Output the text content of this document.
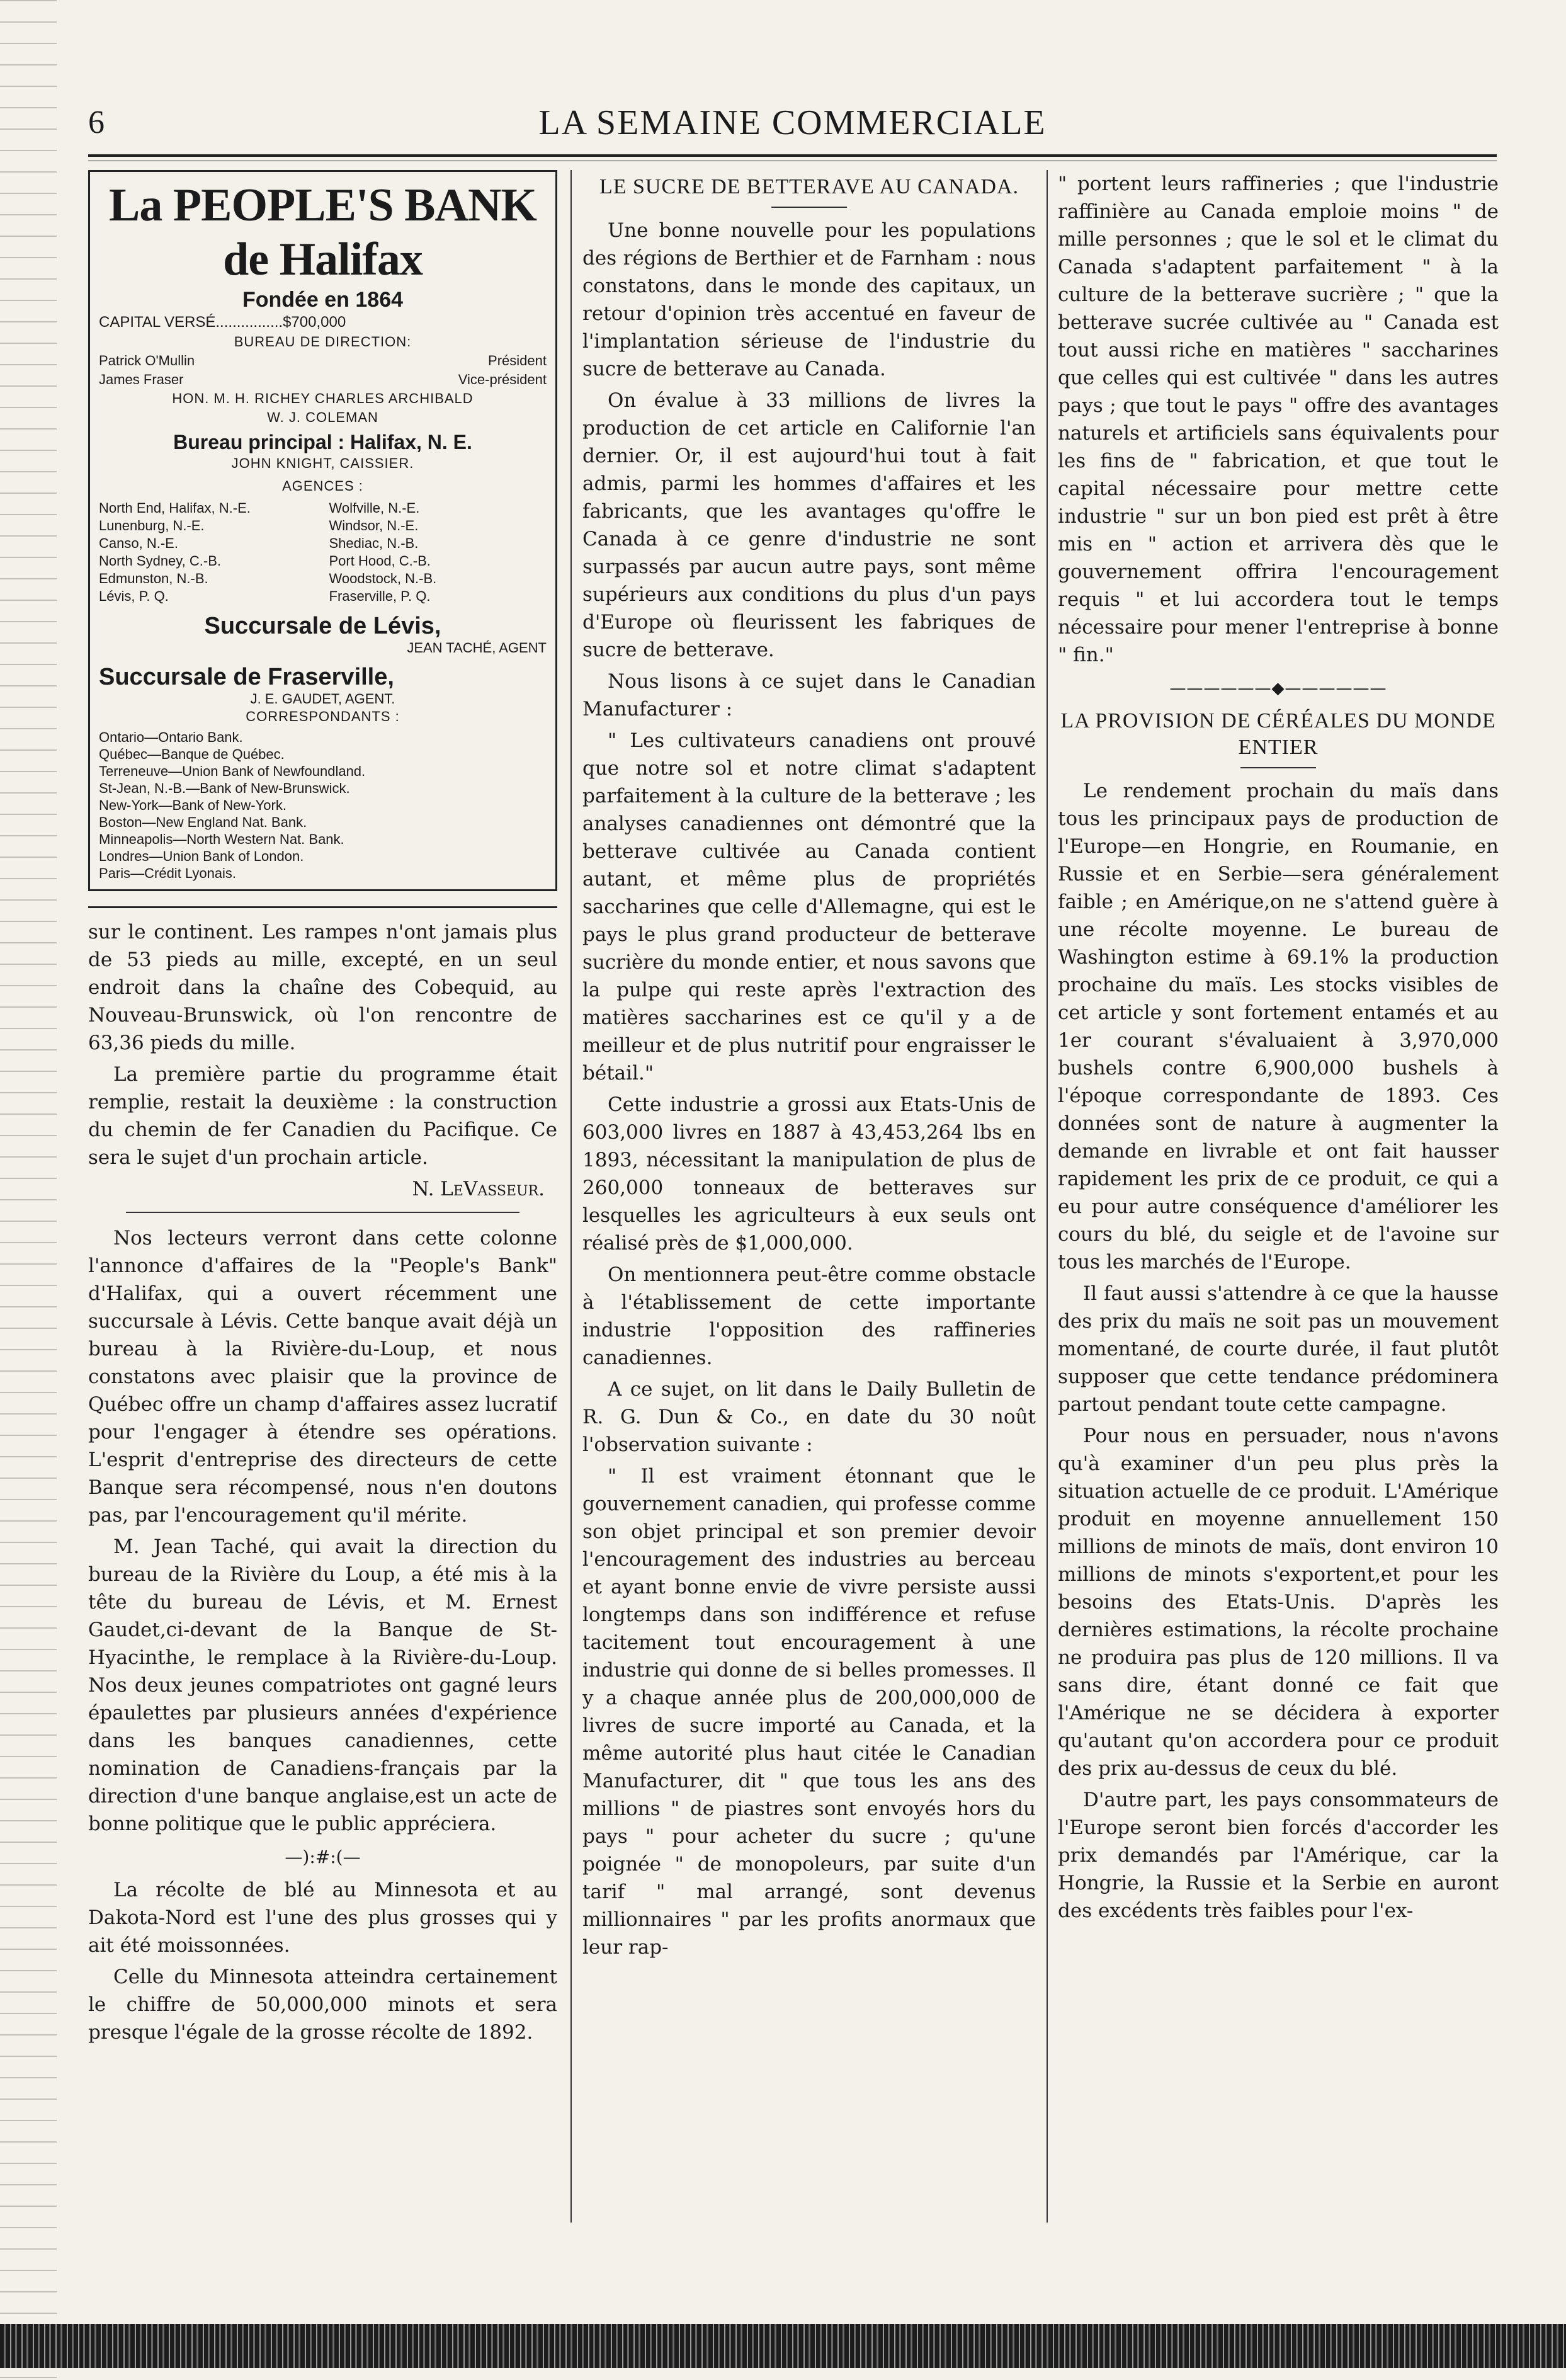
6	LA SEMAINE COMMERCIALE
La PEOPLE'S BANK de Halifax
Fondée en 1864
CAPITAL VERSÉ................$700,000
BUREAU DE DIRECTION:
Patrick O'Mullin	Président
James Fraser	Vice-président
HON. M. H. RICHEY CHARLES ARCHIBALD
W. J. COLEMAN
Bureau principal : Halifax, N. E.
JOHN KNIGHT, CAISSIER.
AGENCES :
North End, Halifax, N.-E.	Wolfville, N.-E.
Lunenburg, N.-E.	Windsor, N.-E.
Canso, N.-E.	Shediac, N.-B.
North Sydney, C.-B.	Port Hood, C.-B.
Edmunston, N.-B.	Woodstock, N.-B.
Lévis, P. Q.	Fraserville, P. Q.
Succursale de Lévis,
JEAN TACHÉ, AGENT
Succursale de Fraserville,
J. E. GAUDET, AGENT.
CORRESPONDANTS :
Ontario—Ontario Bank.
Québec—Banque de Québec.
Terreneuve—Union Bank of Newfoundland.
St-Jean, N.-B.—Bank of New-Brunswick.
New-York—Bank of New-York.
Boston—New England Nat. Bank.
Minneapolis—North Western Nat. Bank.
Londres—Union Bank of London.
Paris—Crédit Lyonais.

sur le continent. Les rampes n'ont jamais plus de 53 pieds au mille, excepté, en un seul endroit dans la chaîne des Cobequid, au Nouveau-Brunswick, où l'on rencontre de 63,36 pieds du mille.

La première partie du programme était remplie, restait la deuxième : la construction du chemin de fer Canadien du Pacifique. Ce sera le sujet d'un prochain article.

N. LeVasseur.

Nos lecteurs verront dans cette colonne l'annonce d'affaires de la "People's Bank" d'Halifax, qui a ouvert récemment une succursale à Lévis. Cette banque avait déjà un bureau à la Rivière-du-Loup, et nous constatons avec plaisir que la province de Québec offre un champ d'affaires assez lucratif pour l'engager à étendre ses opérations. L'esprit d'entreprise des directeurs de cette Banque sera récompensé, nous n'en doutons pas, par l'encouragement qu'il mérite.

M. Jean Taché, qui avait la direction du bureau de la Rivière du Loup, a été mis à la tête du bureau de Lévis, et M. Ernest Gaudet,ci-devant de la Banque de St-Hyacinthe, le remplace à la Rivière-du-Loup. Nos deux jeunes compatriotes ont gagné leurs épaulettes par plusieurs années d'expérience dans les banques canadiennes, cette nomination de Canadiens-français par la direction d'une banque anglaise,est un acte de bonne politique que le public appréciera.

—):#:(—

La récolte de blé au Minnesota et au Dakota-Nord est l'une des plus grosses qui y ait été moissonnées.

Celle du Minnesota atteindra certainement le chiffre de 50,000,000 minots et sera presque l'égale de la grosse récolte de 1892.

LE SUCRE DE BETTERAVE AU CANADA.

Une bonne nouvelle pour les populations des régions de Berthier et de Farnham : nous constatons, dans le monde des capitaux, un retour d'opinion très accentué en faveur de l'implantation sérieuse de l'industrie du sucre de betterave au Canada.

On évalue à 33 millions de livres la production de cet article en Californie l'an dernier. Or, il est aujourd'hui tout à fait admis, parmi les hommes d'affaires et les fabricants, que les avantages qu'offre le Canada à ce genre d'industrie ne sont surpassés par aucun autre pays, sont même supérieurs aux conditions du plus d'un pays d'Europe où fleurissent les fabriques de sucre de betterave.

Nous lisons à ce sujet dans le Canadian Manufacturer :

" Les cultivateurs canadiens ont prouvé que notre sol et notre climat s'adaptent parfaitement à la culture de la betterave ; les analyses canadiennes ont démontré que la betterave cultivée au Canada contient autant, et même plus de propriétés saccharines que celle d'Allemagne, qui est le pays le plus grand producteur de betterave sucrière du monde entier, et nous savons que la pulpe qui reste après l'extraction des matières saccharines est ce qu'il y a de meilleur et de plus nutritif pour engraisser le bétail."

Cette industrie a grossi aux Etats-Unis de 603,000 livres en 1887 à 43,453,264 lbs en 1893, nécessitant la manipulation de plus de 260,000 tonneaux de betteraves sur lesquelles les agriculteurs à eux seuls ont réalisé près de $1,000,000.

On mentionnera peut-être comme obstacle à l'établissement de cette importante industrie l'opposition des raffineries canadiennes.

A ce sujet, on lit dans le Daily Bulletin de R. G. Dun & Co., en date du 30 noût l'observation suivante :

" Il est vraiment étonnant que le gouvernement canadien, qui professe comme son objet principal et son premier devoir l'encouragement des industries au berceau et ayant bonne envie de vivre persiste aussi longtemps dans son indifférence et refuse tacitement tout encouragement à une industrie qui donne de si belles promesses. Il y a chaque année plus de 200,000,000 de livres de sucre importé au Canada, et la même autorité plus haut citée le Canadian Manufacturer, dit " que tous les ans des millions " de piastres sont envoyés hors du pays " pour acheter du sucre ; qu'une poignée " de monopoleurs, par suite d'un tarif " mal arrangé, sont devenus millionnaires " par les profits anormaux que leur rap-

" portent leurs raffineries ; que l'industrie raffinière au Canada emploie moins " de mille personnes ; que le sol et le climat du Canada s'adaptent parfaitement " à la culture de la betterave sucrière ; " que la betterave sucrée cultivée au " Canada est tout aussi riche en matières " saccharines que celles qui est cultivée " dans les autres pays ; que tout le pays " offre des avantages naturels et artificiels sans équivalents pour les fins de " fabrication, et que tout le capital nécessaire pour mettre cette industrie " sur un bon pied est prêt à être mis en " action et arrivera dès que le gouvernement offrira l'encouragement requis " et lui accordera tout le temps nécessaire pour mener l'entreprise à bonne " fin."

——————◆——————
LA PROVISION DE CÉRÉALES DU MONDE ENTIER

Le rendement prochain du maïs dans tous les principaux pays de production de l'Europe—en Hongrie, en Roumanie, en Russie et en Serbie—sera généralement faible ; en Amérique,on ne s'attend guère à une récolte moyenne. Le bureau de Washington estime à 69.1% la production prochaine du maïs. Les stocks visibles de cet article y sont fortement entamés et au 1er courant s'évaluaient à 3,970,000 bushels contre 6,900,000 bushels à l'époque correspondante de 1893. Ces données sont de nature à augmenter la demande en livrable et ont fait hausser rapidement les prix de ce produit, ce qui a eu pour autre conséquence d'améliorer les cours du blé, du seigle et de l'avoine sur tous les marchés de l'Europe.

Il faut aussi s'attendre à ce que la hausse des prix du maïs ne soit pas un mouvement momentané, de courte durée, il faut plutôt supposer que cette tendance prédominera partout pendant toute cette campagne.

Pour nous en persuader, nous n'avons qu'à examiner d'un peu plus près la situation actuelle de ce produit. L'Amérique produit en moyenne annuellement 150 millions de minots de maïs, dont environ 10 millions de minots s'exportent,et pour les besoins des Etats-Unis. D'après les dernières estimations, la récolte prochaine ne produira pas plus de 120 millions. Il va sans dire, étant donné ce fait que l'Amérique ne se décidera à exporter qu'autant qu'on accordera pour ce produit des prix au-dessus de ceux du blé.

D'autre part, les pays consommateurs de l'Europe seront bien forcés d'accorder les prix demandés par l'Amérique, car la Hongrie, la Russie et la Serbie en auront des excédents très faibles pour l'ex-
